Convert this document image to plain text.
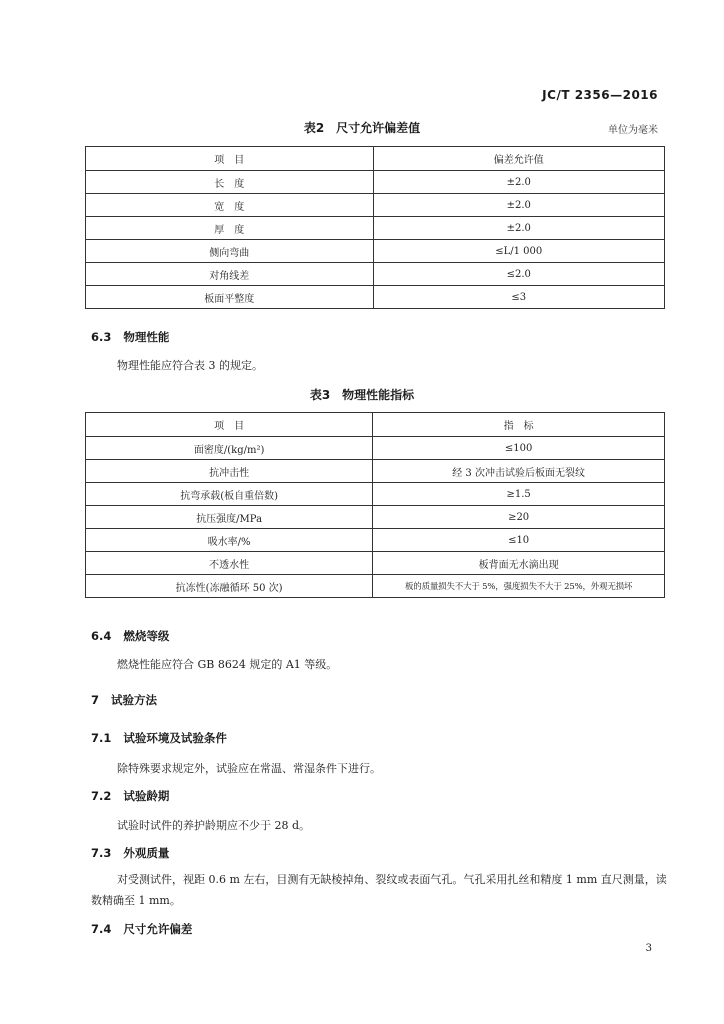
JC/T 2356—2016
表2　尺寸允许偏差值	单位为毫米
项　目	偏差允许值
长　度	±2.0
宽　度	±2.0
厚　度	±2.0
侧向弯曲	≤L/1 000
对角线差	≤2.0
板面平整度	≤3
6.3 物理性能
物理性能应符合表 3 的规定。
表3　物理性能指标
项　目	指　标
面密度/(kg/m²)	≤100
抗冲击性	经 3 次冲击试验后板面无裂纹
抗弯承载(板自重倍数)	≥1.5
抗压强度/MPa	≥20
吸水率/%	≤10
不透水性	板背面无水滴出现
抗冻性(冻融循环 50 次)	板的质量损失不大于 5%，强度损失不大于 25%，外观无损坏
6.4 燃烧等级
燃烧性能应符合 GB 8624 规定的 A1 等级。
7 试验方法
7.1 试验环境及试验条件
除特殊要求规定外，试验应在常温、常湿条件下进行。
7.2 试验龄期
试验时试件的养护龄期应不少于 28 d。
7.3 外观质量
对受测试件，视距 0.6 m 左右，目测有无缺棱掉角、裂纹或表面气孔。气孔采用扎丝和精度 1 mm 直尺测量，读数精确至 1 mm。
7.4 尺寸允许偏差
3
